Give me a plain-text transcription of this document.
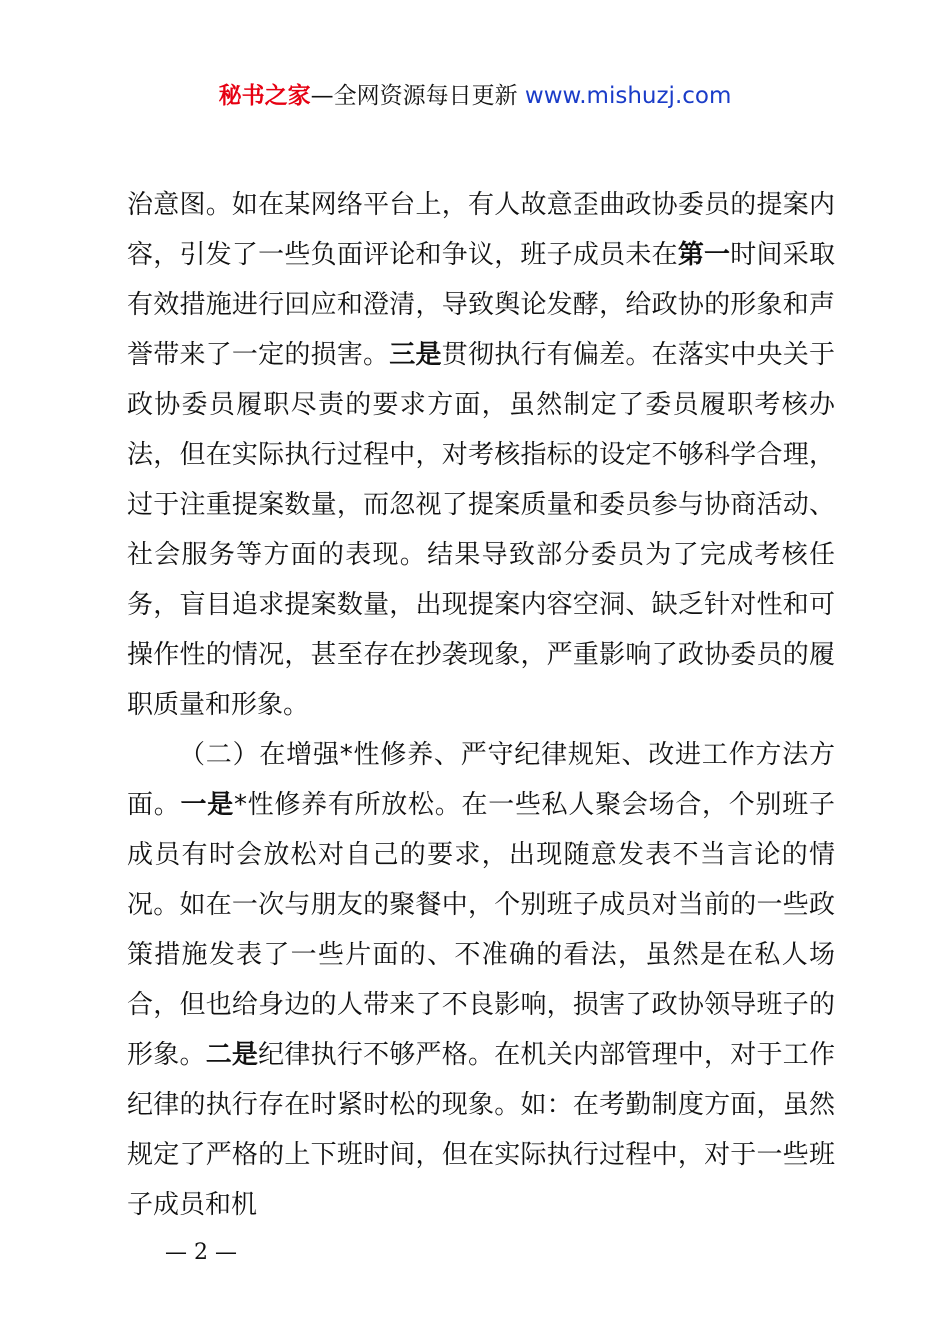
秘书之家—全网资源每日更新 www.mishuzj.com

治意图。如在某网络平台上，有人故意歪曲政协委员的提案内容，引发了一些负面评论和争议，班子成员未在第一时间采取有效措施进行回应和澄清，导致舆论发酵，给政协的形象和声誉带来了一定的损害。三是贯彻执行有偏差。在落实中央关于政协委员履职尽责的要求方面，虽然制定了委员履职考核办法，但在实际执行过程中，对考核指标的设定不够科学合理，过于注重提案数量，而忽视了提案质量和委员参与协商活动、社会服务等方面的表现。结果导致部分委员为了完成考核任务，盲目追求提案数量，出现提案内容空洞、缺乏针对性和可操作性的情况，甚至存在抄袭现象，严重影响了政协委员的履职质量和形象。

（二）在增强*性修养、严守纪律规矩、改进工作方法方面。一是*性修养有所放松。在一些私人聚会场合，个别班子成员有时会放松对自己的要求，出现随意发表不当言论的情况。如在一次与朋友的聚餐中，个别班子成员对当前的一些政策措施发表了一些片面的、不准确的看法，虽然是在私人场合，但也给身边的人带来了不良影响，损害了政协领导班子的形象。二是纪律执行不够严格。在机关内部管理中，对于工作纪律的执行存在时紧时松的现象。如：在考勤制度方面，虽然规定了严格的上下班时间，但在实际执行过程中，对于一些班子成员和机

— 2 —
